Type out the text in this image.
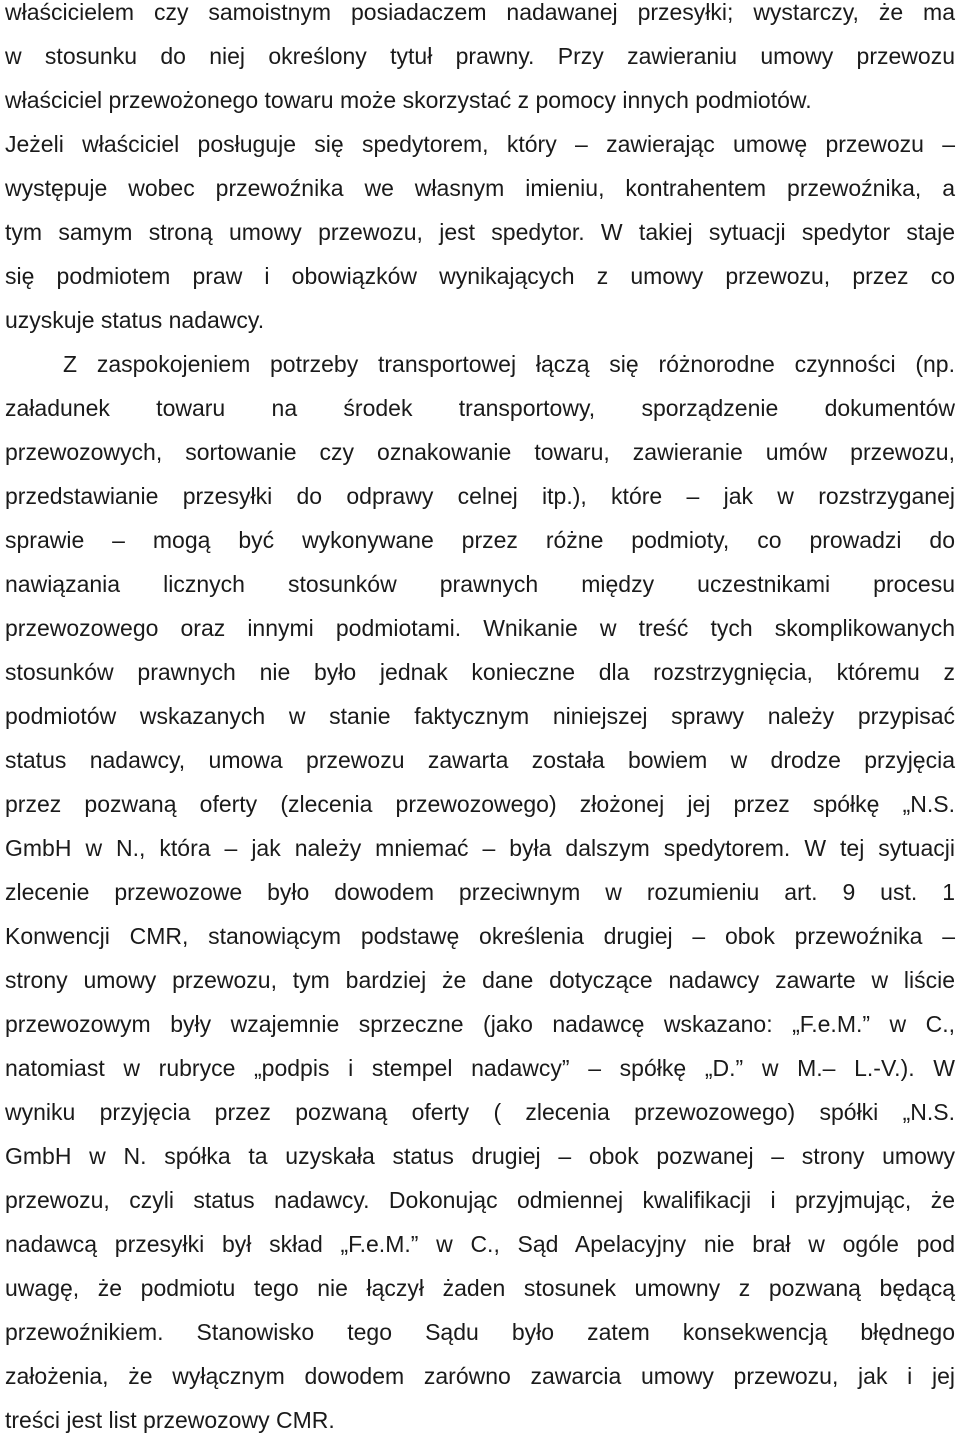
właścicielem czy samoistnym posiadaczem nadawanej przesyłki; wystarczy, że ma
w stosunku do niej określony tytuł prawny. Przy zawieraniu umowy przewozu
właściciel przewożonego towaru może skorzystać z pomocy innych podmiotów.
Jeżeli właściciel posługuje się spedytorem, który – zawierając umowę przewozu –
występuje wobec przewoźnika we własnym imieniu, kontrahentem przewoźnika, a
tym samym stroną umowy przewozu, jest spedytor. W takiej sytuacji spedytor staje
się podmiotem praw i obowiązków wynikających z umowy przewozu, przez co
uzyskuje status nadawcy.
Z zaspokojeniem potrzeby transportowej łączą się różnorodne czynności (np.
załadunek towaru na środek transportowy, sporządzenie dokumentów
przewozowych, sortowanie czy oznakowanie towaru, zawieranie umów przewozu,
przedstawianie przesyłki do odprawy celnej itp.), które – jak w rozstrzyganej
sprawie – mogą być wykonywane przez różne podmioty, co prowadzi do
nawiązania licznych stosunków prawnych między uczestnikami procesu
przewozowego oraz innymi podmiotami. Wnikanie w treść tych skomplikowanych
stosunków prawnych nie było jednak konieczne dla rozstrzygnięcia, któremu z
podmiotów wskazanych w stanie faktycznym niniejszej sprawy należy przypisać
status nadawcy, umowa przewozu zawarta została bowiem w drodze przyjęcia
przez pozwaną oferty (zlecenia przewozowego) złożonej jej przez spółkę „N.S.
GmbH w N., która – jak należy mniemać – była dalszym spedytorem. W tej sytuacji
zlecenie przewozowe było dowodem przeciwnym w rozumieniu art. 9 ust. 1
Konwencji CMR, stanowiącym podstawę określenia drugiej – obok przewoźnika –
strony umowy przewozu, tym bardziej że dane dotyczące nadawcy zawarte w liście
przewozowym były wzajemnie sprzeczne (jako nadawcę wskazano: „F.e.M.” w C.,
natomiast w rubryce „podpis i stempel nadawcy” – spółkę „D.” w M.– L.-V.). W
wyniku przyjęcia przez pozwaną oferty ( zlecenia przewozowego) spółki „N.S.
GmbH w N. spółka ta uzyskała status drugiej – obok pozwanej – strony umowy
przewozu, czyli status nadawcy. Dokonując odmiennej kwalifikacji i przyjmując, że
nadawcą przesyłki był skład „F.e.M.” w C., Sąd Apelacyjny nie brał w ogóle pod
uwagę, że podmiotu tego nie łączył żaden stosunek umowny z pozwaną będącą
przewoźnikiem. Stanowisko tego Sądu było zatem konsekwencją błędnego
założenia, że wyłącznym dowodem zarówno zawarcia umowy przewozu, jak i jej
treści jest list przewozowy CMR.
